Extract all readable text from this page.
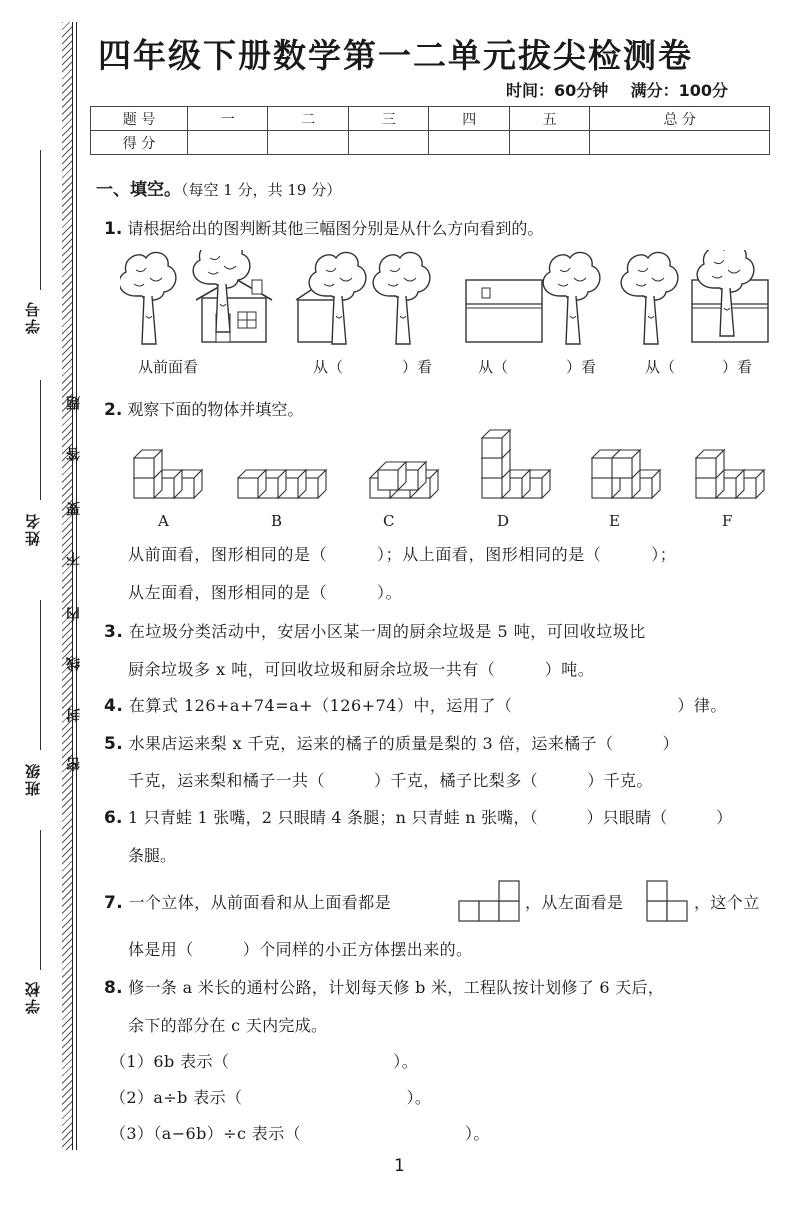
学号
姓名
班级
学校
密
封
线
内
不
要
答
题
四年级下册数学第一二单元拔尖检测卷
时间：60分钟 满分：100分
题 号	一	二	三	四	五	总 分
得 分						
一、填空。（每空 1 分，共 19 分）
1. 请根据给出的图判断其他三幅图分别是从什么方向看到的。
从前面看	从（	）看	从（	）看	从（	）看
2. 观察下面的物体并填空。
A	B	C	D	E	F
从前面看，图形相同的是（　　　）；从上面看，图形相同的是（　　　）；
从左面看，图形相同的是（　　　）。
3. 在垃圾分类活动中，安居小区某一周的厨余垃圾是 5 吨，可回收垃圾比
厨余垃圾多 x 吨，可回收垃圾和厨余垃圾一共有（　　　）吨。
4. 在算式 126+a+74=a+（126+74）中，运用了（　　　　　　　　　　）律。
5. 水果店运来梨 x 千克，运来的橘子的质量是梨的 3 倍，运来橘子（　　　）
千克，运来梨和橘子一共（　　　）千克，橘子比梨多（　　　）千克。
6. 1 只青蛙 1 张嘴，2 只眼睛 4 条腿；n 只青蛙 n 张嘴，（　　　）只眼睛（　　　）
条腿。
7. 一个立体，从前面看和从上面看都是	，从左面看是	，这个立
体是用（　　　）个同样的小正方体摆出来的。
8. 修一条 a 米长的通村公路，计划每天修 b 米，工程队按计划修了 6 天后，
余下的部分在 c 天内完成。
（1）6b 表示（　　　　　　　　　　）。
（2）a÷b 表示（　　　　　　　　　　）。
（3）（a−6b）÷c 表示（　　　　　　　　　　）。
1
